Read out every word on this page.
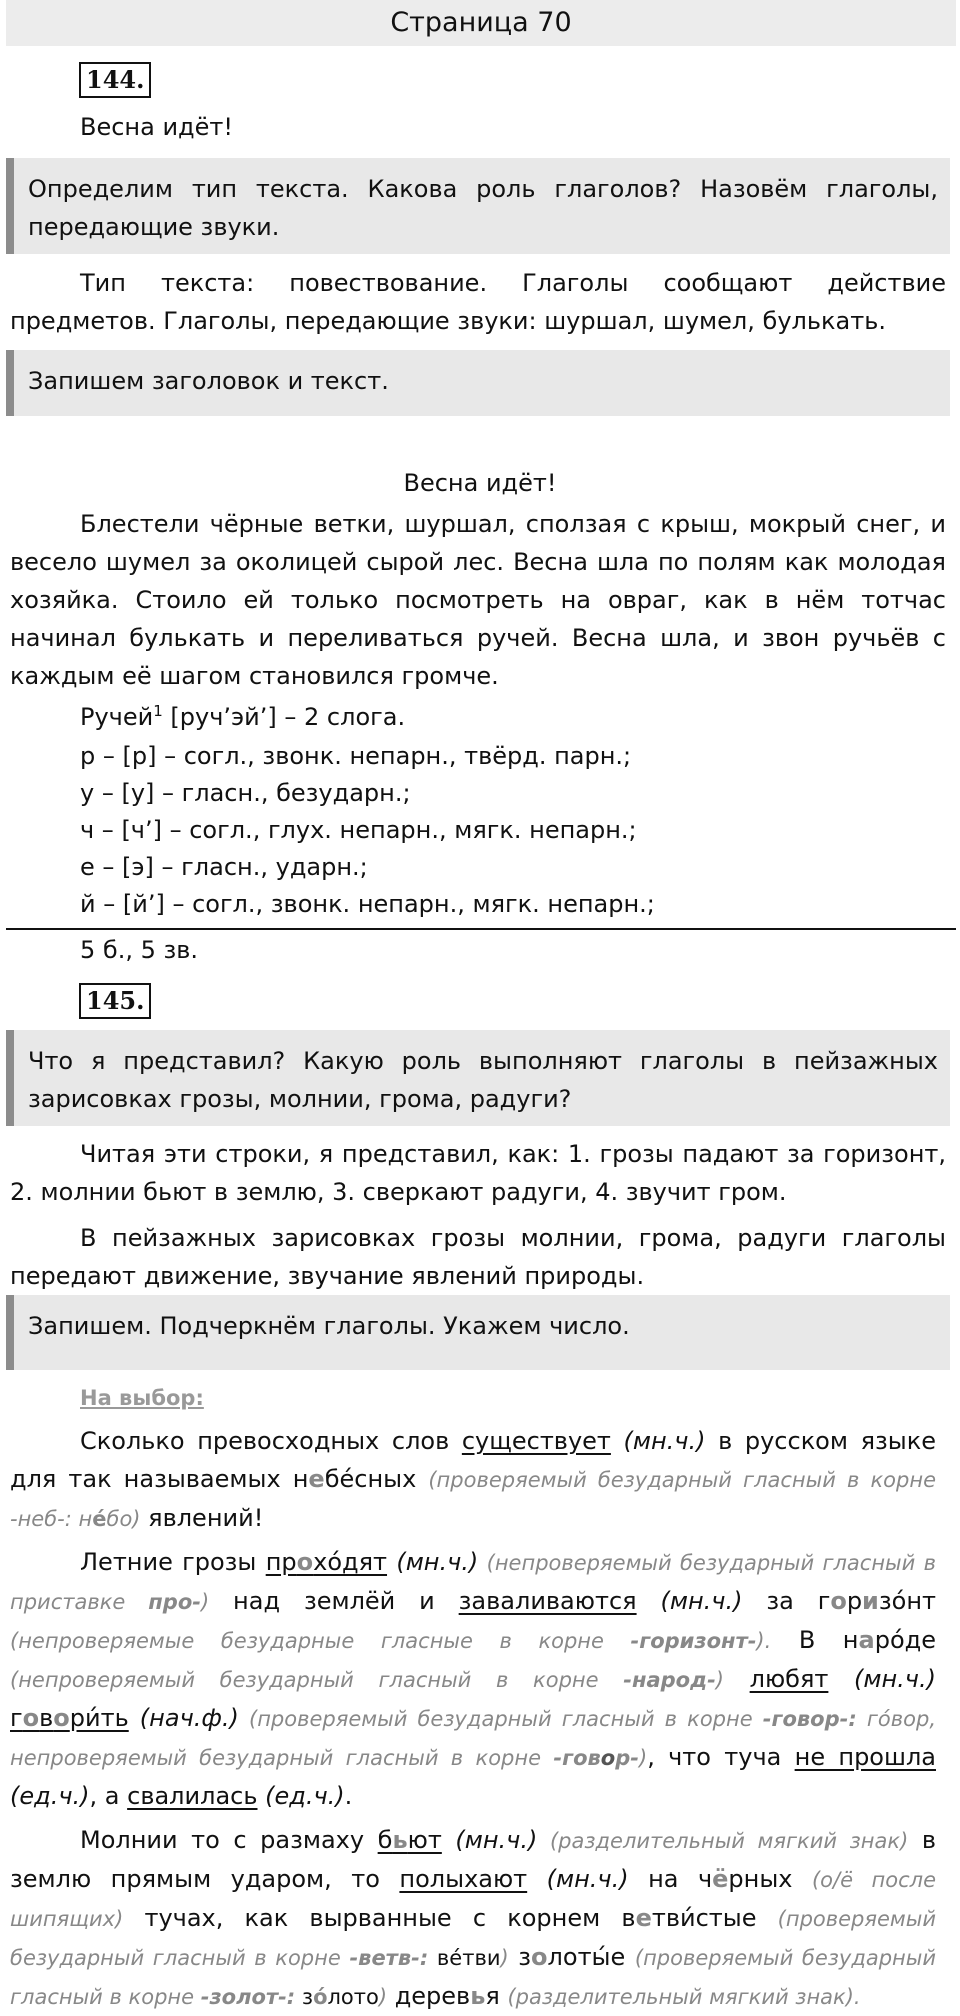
Страница 70
144.
Весна идёт!
Определим тип текста. Какова роль глаголов? Назовём глаголы, передающие звуки.
Тип текста: повествование. Глаголы сообщают действие предметов. Глаголы, передающие звуки: шуршал, шумел, булькать.
Запишем заголовок и текст.
Весна идёт!
Блестели чёрные ветки, шуршал, сползая с крыш, мокрый снег, и весело шумел за околицей сырой лес. Весна шла по полям как молодая хозяйка. Стоило ей только посмотреть на овраг, как в нём тотчас начинал булькать и переливаться ручей. Весна шла, и звон ручьёв с каждым её шагом становился громче.
Ручей$^1$ [руч’эй’] – 2 слога.
р – [р] – согл., звонк. непарн., твёрд. парн.;
у – [у] – гласн., безударн.;
ч – [ч’] – согл., глух. непарн., мягк. непарн.;
е – [э] – гласн., ударн.;
й – [й’] – согл., звонк. непарн., мягк. непарн.;
5 б., 5 зв.
145.
Что я представил? Какую роль выполняют глаголы в пейзажных зарисовках грозы, молнии, грома, радуги?
Читая эти строки, я представил, как: 1. грозы падают за горизонт, 2. молнии бьют в землю, 3. сверкают радуги, 4. звучит гром.
В пейзажных зарисовках грозы молнии, грома, радуги глаголы передают движение, звучание явлений природы.
Запишем. Подчеркнём глаголы. Укажем число.
На выбор:
Сколько превосходных слов существует (мн.ч.) в русском языке для так называемых небе́сных (проверяемый безударный гласный в корне -неб-: не́бо) явлений!
Летние грозы прохо́дят (мн.ч.) (непроверяемый безударный гласный в приставке про-) над землёй и заваливаются (мн.ч.) за горизо́нт (непроверяемые безударные гласные в корне -горизонт-). В наро́де (непроверяемый безударный гласный в корне -народ-) любят (мн.ч.) говори́ть (нач.ф.) (проверяемый безударный гласный в корне -говор-: го́вор, непроверяемый безударный гласный в корне -говор-), что туча не прошла (ед.ч.), а свалилась (ед.ч.).
Молнии то с размаху бьют (мн.ч.) (разделительный мягкий знак) в землю прямым ударом, то полыхают (мн.ч.) на чёрных (о/ё после шипящих) тучах, как вырванные с корнем ветви́стые (проверяемый безударный гласный в корне -ветв-: ве́тви) золоты́е (проверяемый безударный гласный в корне -золот-: зо́лото) деревья (разделительный мягкий знак).
